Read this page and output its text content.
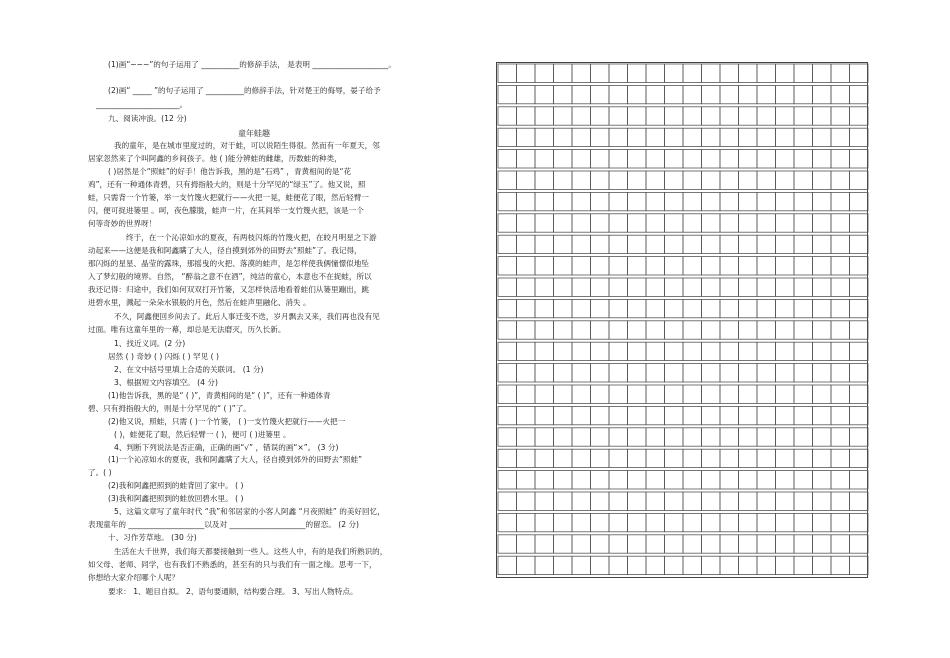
(1)画“~~~”的句子运用了 __________的修辞手法， 是表明 ____________________。
(2)画“ _____ ”的句子运用了 __________的修辞手法，针对楚王的侮辱，晏子给予
______________________。
九、阅读冲浪。(12 分)
童年蛙趣
我的童年，是在城市里度过的，对于蛙，可以说陌生得很。然而有一年夏天，邻
居家忽然来了个叫阿鑫的乡间孩子。他 ( )能分辨蛙的雌雄，历数蛙的种类，
( )居然是个“照蛙”的好手！他告诉我，黑的是“石鸡” ，青黄相间的是“花
鸡”，还有一种通体青碧，只有拇指般大的，则是十分罕见的“绿玉”了。他又说，照
蛙，只需背一个竹篓，举一支竹篾火把就行——火把一晃，蛙便花了眼，然后轻臂一
闪，便可捉进篓里 。呵，夜色朦胧，蛙声一片，在其间举一支竹篾火把，该是一个
何等奇妙的世界呀！
终于，在一个沁凉如水的夏夜，有两枝闪烁的竹篾火把，在皎月明星之下游
动起来——这便是我和阿鑫瞒了大人，径自摸到郊外的田野去“照蛙”了。我记得，
那闪烁的星星、晶莹的露珠，那摇曳的火把、落漠的蛙声，是怎样使我俩憧憬似地坠
入了梦幻般的境界。自然， “醉翁之意不在酒”，纯洁的童心，本意也不在捉蛙，所以
我还记得：归途中，我们如何双双打开竹篓，又怎样快活地看着蛙们从篓里蹦出，跳
进碧水里，溅起一朵朵水银般的月色，然后在蛙声里融化、消失 。
不久，阿鑫便回乡间去了。此后人事迁变不迭，岁月飘去又来，我们再也没有见
过面。唯有这童年里的一幕，却总是无法磨灭，历久长新。
1、找近义词。(2 分)
居然 ( ) 奇妙 ( ) 闪烁 ( ) 罕见 ( )
2、在文中括号里填上合适的关联词。 (1 分)
3、根据短文内容填空。 (4 分)
(1)他告诉我，黑的是“ ( )”，青黄相间的是“ ( )”，还有一种通体青
碧、只有拇指般大的，则是十分罕见的“ ( )”了。
(2)他又说，照蛙，只需 ( )一个竹篓， ( )一支竹篾火把就行——火把一
( )，蛙便花了眼，然后轻臂一 ( )，便可 ( )进篓里 。
4、判断下列说法是否正确，正确的画“√” ，错误的画“×”。 (3 分)
(1)一个沁凉如水的夏夜，我和阿鑫瞒了大人，径自摸到郊外的田野去“照蛙”
了。( )
(2)我和阿鑫把照到的蛙背回了家中。 ( )
(3)我和阿鑫把照到的蛙放回碧水里。 ( )
5、这篇文章写了童年时代 “我”和邻居家的小客人阿鑫 “月夜照蛙” 的美好回忆，
表现童年的 ____________________以及对 ____________________的留恋。 (2 分)
十、习作芳草地。 (30 分)
生活在大千世界，我们每天都要接触到一些人。这些人中，有的是我们所熟识的，
如父母、老师、同学，也有我们不熟悉的，甚至有的只与我们有一面之缘。思考一下，
你想给大家介绍哪个人呢？
要求： 1、题目自拟。 2、语句要通顺，结构要合理。 3、写出人物特点。
